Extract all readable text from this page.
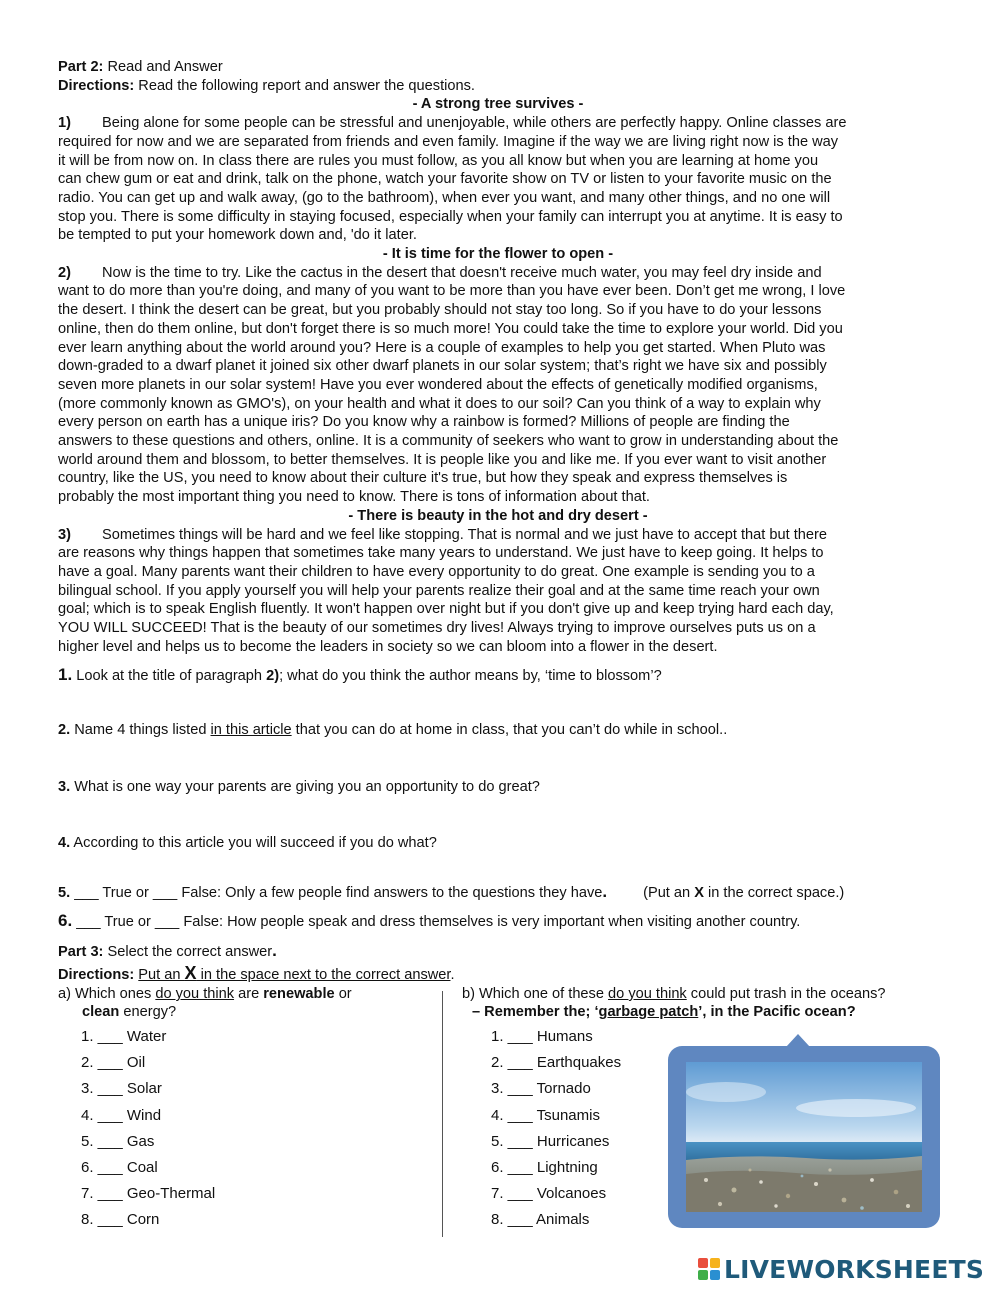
Part 2: Read and Answer

Directions: Read the following report and answer the questions.

- A strong tree survives -

1) Being alone for some people can be stressful and unenjoyable, while others are perfectly happy. Online classes are

required for now and we are separated from friends and even family. Imagine if the way we are living right now is the way

it will be from now on. In class there are rules you must follow, as you all know but when you are learning at home you

can chew gum or eat and drink, talk on the phone, watch your favorite show on TV or listen to your favorite music on the

radio. You can get up and walk away, (go to the bathroom), when ever you want, and many other things, and no one will

stop you. There is some difficulty in staying focused, especially when your family can interrupt you at anytime. It is easy to

be tempted to put your homework down and, 'do it later.

- It is time for the flower to open -

2) Now is the time to try. Like the cactus in the desert that doesn't receive much water, you may feel dry inside and

want to do more than you're doing, and many of you want to be more than you have ever been. Don’t get me wrong, I love

the desert. I think the desert can be great, but you probably should not stay too long. So if you have to do your lessons

online, then do them online, but don't forget there is so much more! You could take the time to explore your world. Did you

ever learn anything about the world around you? Here is a couple of examples to help you get started. When Pluto was

down-graded to a dwarf planet it joined six other dwarf planets in our solar system; that’s right we have six and possibly

seven more planets in our solar system! Have you ever wondered about the effects of genetically modified organisms,

(more commonly known as GMO's), on your health and what it does to our soil? Can you think of a way to explain why

every person on earth has a unique iris? Do you know why a rainbow is formed? Millions of people are finding the

answers to these questions and others, online. It is a community of seekers who want to grow in understanding about the

world around them and blossom, to better themselves. It is people like you and like me. If you ever want to visit another

country, like the US, you need to know about their culture it's true, but how they speak and express themselves is

probably the most important thing you need to know. There is tons of information about that.

- There is beauty in the hot and dry desert -

3) Sometimes things will be hard and we feel like stopping. That is normal and we just have to accept that but there

are reasons why things happen that sometimes take many years to understand. We just have to keep going. It helps to

have a goal. Many parents want their children to have every opportunity to do great. One example is sending you to a

bilingual school. If you apply yourself you will help your parents realize their goal and at the same time reach your own

goal; which is to speak English fluently. It won't happen over night but if you don't give up and keep trying hard each day,

YOU WILL SUCCEED! That is the beauty of our sometimes dry lives! Always trying to improve ourselves puts us on a

higher level and helps us to become the leaders in society so we can bloom into a flower in the desert.

1. Look at the title of paragraph 2); what do you think the author means by, ‘time to blossom’?

2. Name 4 things listed in this article that you can do at home in class, that you can’t do while in school..

3. What is one way your parents are giving you an opportunity to do great?

4. According to this article you will succeed if you do what?

5. ___ True or ___ False: Only a few people find answers to the questions they have. (Put an X in the correct space.)

6. ___ True or ___ False: How people speak and dress themselves is very important when visiting another country.

Part 3: Select the correct answer.

Directions: Put an X in the space next to the correct answer.

a) Which ones do you think are renewable or
clean energy?

b) Which one of these do you think could put trash in the oceans?
– Remember the; ‘garbage patch’, in the Pacific ocean?

1. ___ Water
2. ___ Oil
3. ___ Solar
4. ___ Wind
5. ___ Gas
6. ___ Coal
7. ___ Geo-Thermal
8. ___ Corn
1. ___ Humans
2. ___ Earthquakes
3. ___ Tornado
4. ___ Tsunamis
5. ___ Hurricanes
6. ___ Lightning
7. ___ Volcanoes
8. ___ Animals
LIVEWORKSHEETS
